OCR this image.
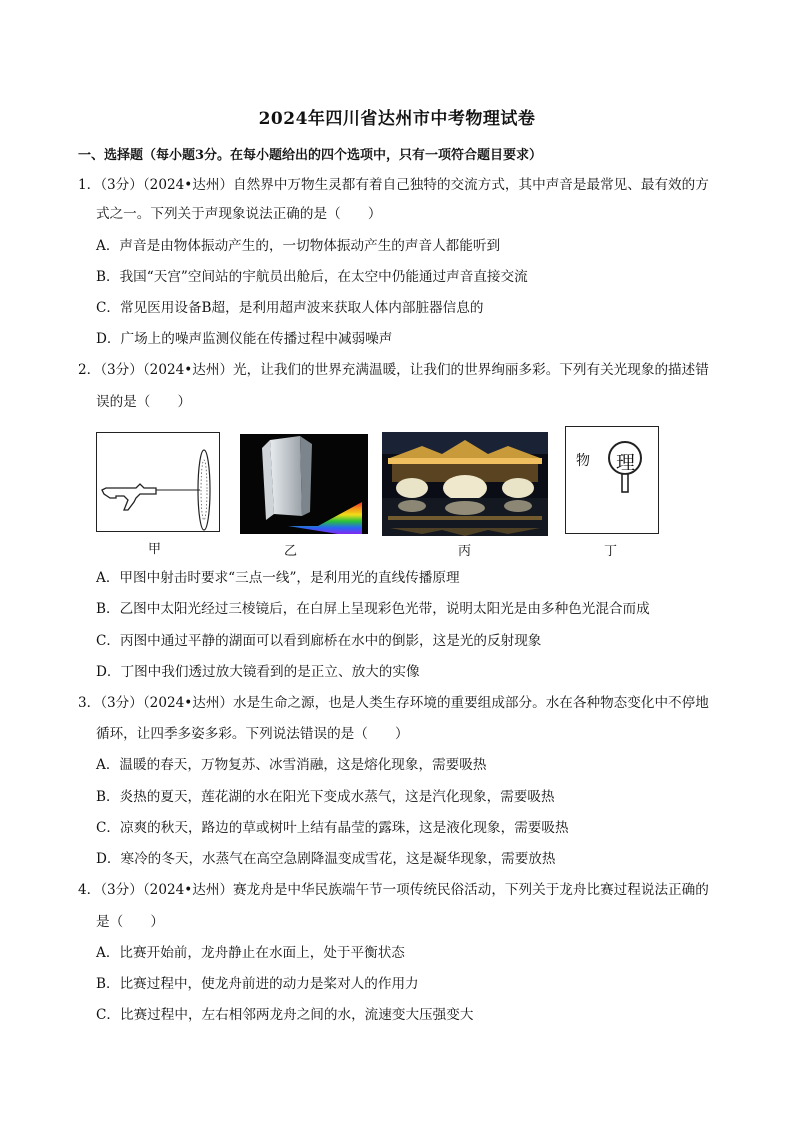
2024年四川省达州市中考物理试卷
一、选择题（每小题3分。在每小题给出的四个选项中，只有一项符合题目要求）
1．（3分）（2024•达州）自然界中万物生灵都有着自己独特的交流方式，其中声音是最常见、最有效的方
式之一。下列关于声现象说法正确的是（　　）
A．声音是由物体振动产生的，一切物体振动产生的声音人都能听到
B．我国“天宫”空间站的宇航员出舱后，在太空中仍能通过声音直接交流
C．常见医用设备B超，是利用超声波来获取人体内部脏器信息的
D．广场上的噪声监测仪能在传播过程中减弱噪声
2．（3分）（2024•达州）光，让我们的世界充满温暖，让我们的世界绚丽多彩。下列有关光现象的描述错
误的是（　　）
甲	乙	丙
物 理
丁
A．甲图中射击时要求“三点一线”，是利用光的直线传播原理
B．乙图中太阳光经过三棱镜后，在白屏上呈现彩色光带，说明太阳光是由多种色光混合而成
C．丙图中通过平静的湖面可以看到廊桥在水中的倒影，这是光的反射现象
D．丁图中我们透过放大镜看到的是正立、放大的实像
3．（3分）（2024•达州）水是生命之源，也是人类生存环境的重要组成部分。水在各种物态变化中不停地
循环，让四季多姿多彩。下列说法错误的是（　　）
A．温暖的春天，万物复苏、冰雪消融，这是熔化现象，需要吸热
B．炎热的夏天，莲花湖的水在阳光下变成水蒸气，这是汽化现象，需要吸热
C．凉爽的秋天，路边的草或树叶上结有晶莹的露珠，这是液化现象，需要吸热
D．寒冷的冬天，水蒸气在高空急剧降温变成雪花，这是凝华现象，需要放热
4．（3分）（2024•达州）赛龙舟是中华民族端午节一项传统民俗活动，下列关于龙舟比赛过程说法正确的
是（　　）
A．比赛开始前，龙舟静止在水面上，处于平衡状态
B．比赛过程中，使龙舟前进的动力是桨对人的作用力
C．比赛过程中，左右相邻两龙舟之间的水，流速变大压强变大
